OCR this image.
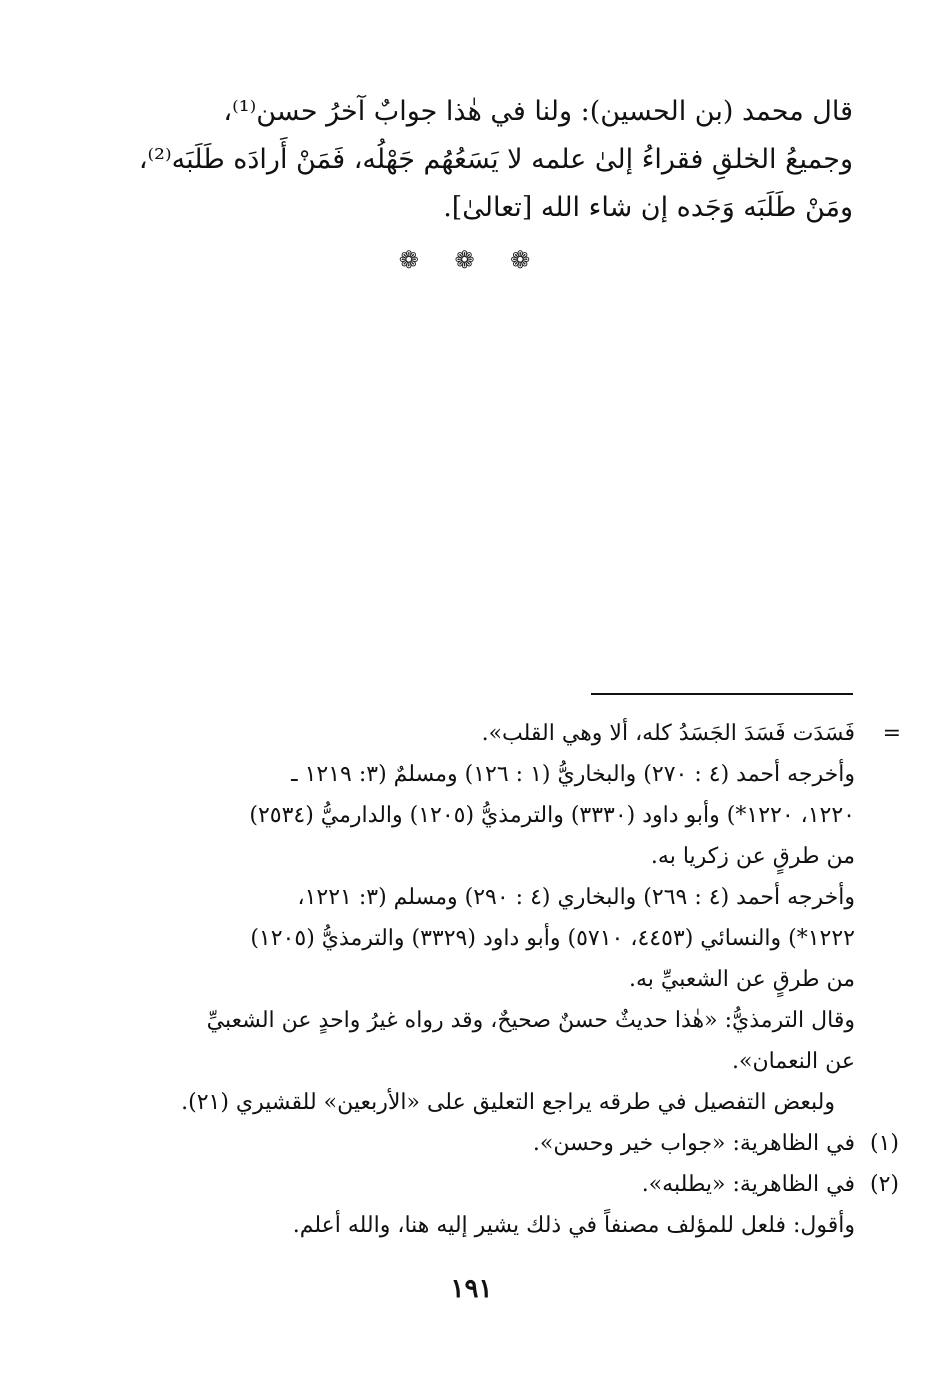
قال محمد (بن الحسين): ولنا في هٰذا جوابٌ آخرُ حسن⁽¹⁾،
وجميعُ الخلقِ فقراءُ إلىٰ علمه لا يَسَعُهُم جَهْلُه، فَمَنْ أَرادَه طَلَبَه⁽²⁾،
ومَنْ طَلَبَه وَجَده إن شاء الله [تعالىٰ].
❁ ❁ ❁
=
فَسَدَت فَسَدَ الجَسَدُ كله، ألا وهي القلب».
وأخرجه أحمد (٤ : ٢٧٠) والبخاريُّ (١ : ١٢٦) ومسلمٌ (٣: ١٢١٩ ـ
١٢٢٠، ١٢٢٠*) وأبو داود (٣٣٣٠) والترمذيُّ (١٢٠٥) والدارميُّ (٢٥٣٤)
من طرقٍ عن زكريا به.
وأخرجه أحمد (٤ : ٢٦٩) والبخاري (٤ : ٢٩٠) ومسلم (٣: ١٢٢١،
١٢٢٢*) والنسائي (٤٤٥٣، ٥٧١٠) وأبو داود (٣٣٢٩) والترمذيُّ (١٢٠٥)
من طرقٍ عن الشعبيِّ به.
وقال الترمذيُّ: «هٰذا حديثٌ حسنٌ صحيحٌ، وقد رواه غيرُ واحدٍ عن الشعبيِّ
عن النعمان».
ولبعض التفصيل في طرقه يراجع التعليق على «الأربعين» للقشيري (٢١).
(١)في الظاهرية: «جواب خير وحسن».
(٢)في الظاهرية: «يطلبه».
وأقول: فلعل للمؤلف مصنفاً في ذلك يشير إليه هنا، والله أعلم.
١٩١
